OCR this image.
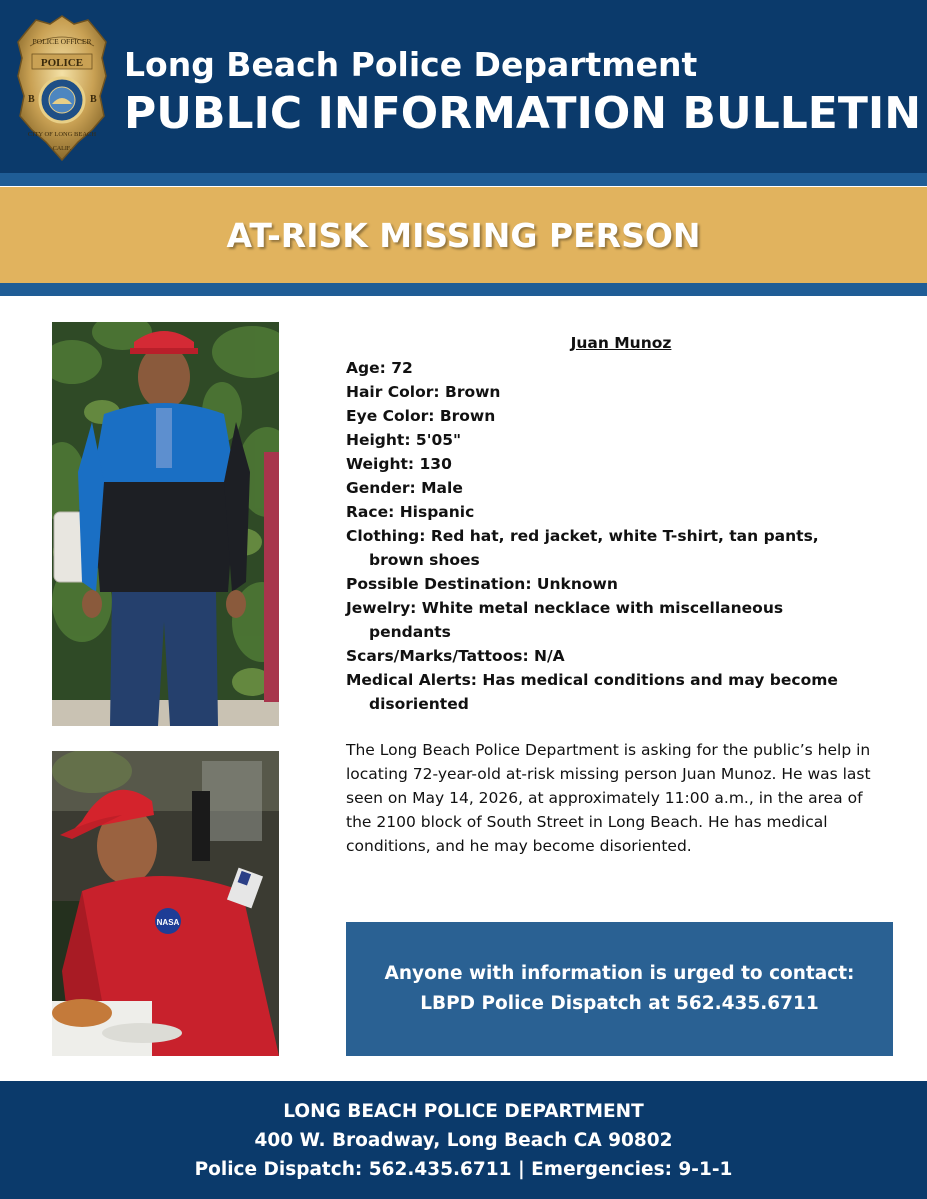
POLICE OFFICER
POLICE
B	B
CITY OF LONG BEACH
CALIF.
Long Beach Police Department
PUBLIC INFORMATION BULLETIN
AT-RISK MISSING PERSON
NASA
Juan Munoz
Age: 72
Hair Color: Brown
Eye Color: Brown
Height: 5'05"
Weight: 130
Gender: Male
Race: Hispanic
Clothing: Red hat, red jacket, white T-shirt, tan pants,
brown shoes
Possible Destination: Unknown
Jewelry: White metal necklace with miscellaneous
pendants
Scars/Marks/Tattoos: N/A
Medical Alerts: Has medical conditions and may become
disoriented
The Long Beach Police Department is asking for the public’s help in
locating 72-year-old at-risk missing person Juan Munoz. He was last
seen on May 14, 2026, at approximately 11:00 a.m., in the area of
the 2100 block of South Street in Long Beach. He has medical
conditions, and he may become disoriented.
Anyone with information is urged to contact:
LBPD Police Dispatch at 562.435.6711
LONG BEACH POLICE DEPARTMENT
400 W. Broadway, Long Beach CA 90802
Police Dispatch: 562.435.6711 | Emergencies: 9-1-1
